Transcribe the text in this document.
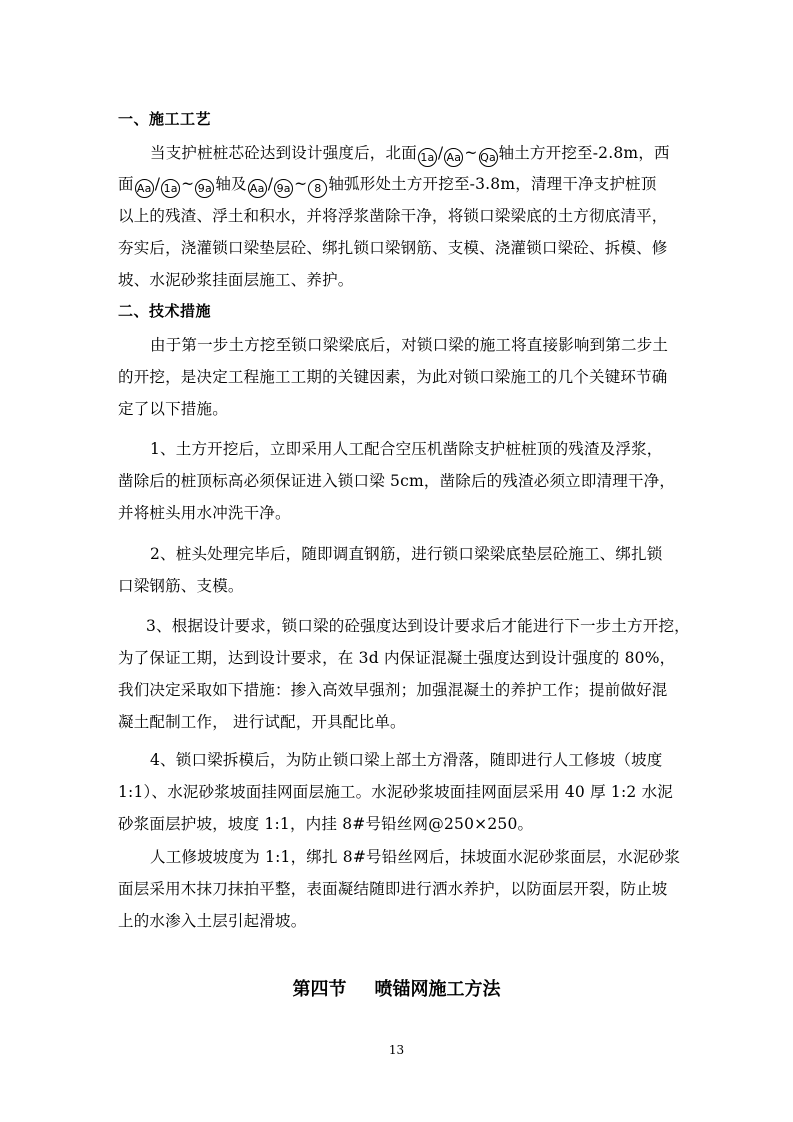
一、施工工艺
当支护桩桩芯砼达到设计强度后，北面 1a / Aa ~ Qa 轴土方开挖至-2.8m，西
面 Aa / 1a ~ 9a 轴及 Aa / 9a ~ 8 轴弧形处土方开挖至-3.8m，清理干净支护桩顶
以上的残渣、浮土和积水，并将浮浆凿除干净，将锁口梁梁底的土方彻底清平，
夯实后，浇灌锁口梁垫层砼、绑扎锁口梁钢筋、支模、浇灌锁口梁砼、拆模、修
坡、水泥砂浆挂面层施工、养护。
二、技术措施
由于第一步土方挖至锁口梁梁底后，对锁口梁的施工将直接影响到第二步土
的开挖，是决定工程施工工期的关键因素，为此对锁口梁施工的几个关键环节确
定了以下措施。
1、土方开挖后，立即采用人工配合空压机凿除支护桩桩顶的残渣及浮浆，
凿除后的桩顶标高必须保证进入锁口梁 5cm，凿除后的残渣必须立即清理干净，
并将桩头用水冲洗干净。
2、桩头处理完毕后，随即调直钢筋，进行锁口梁梁底垫层砼施工、绑扎锁
口梁钢筋、支模。
3、根据设计要求，锁口梁的砼强度达到设计要求后才能进行下一步土方开挖，
为了保证工期，达到设计要求，在 3d 内保证混凝土强度达到设计强度的 80%，
我们决定采取如下措施：掺入高效早强剂；加强混凝土的养护工作；提前做好混
凝土配制工作， 进行试配，开具配比单。
4、锁口梁拆模后，为防止锁口梁上部土方滑落，随即进行人工修坡（坡度
1:1）、水泥砂浆坡面挂网面层施工。水泥砂浆坡面挂网面层采用 40 厚 1:2 水泥
砂浆面层护坡，坡度 1:1，内挂 8#号铅丝网@250×250。
人工修坡坡度为 1:1，绑扎 8#号铅丝网后，抹坡面水泥砂浆面层，水泥砂浆
面层采用木抹刀抹拍平整，表面凝结随即进行洒水养护，以防面层开裂，防止坡
上的水渗入土层引起滑坡。
第四节 喷锚网施工方法
13
